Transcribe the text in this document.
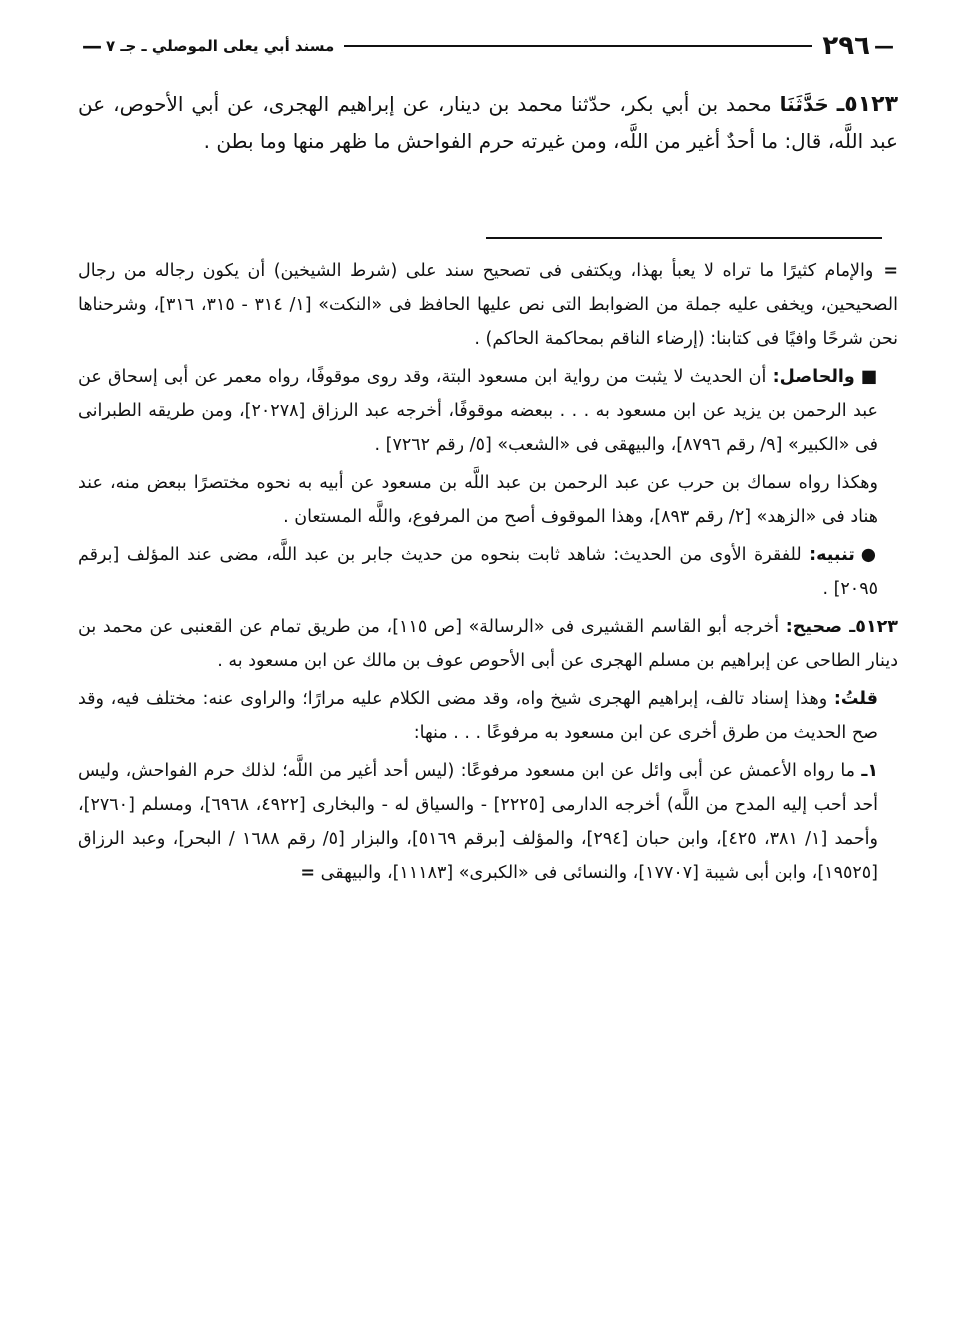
—
٢٩٦
مسند أبي يعلى الموصلي ـ جـ ٧
—
٥١٢٣ـ حَدَّثَنَا محمد بن أبي بكر، حدّثنا محمد بن دينار، عن إبراهيم الهجرى، عن أبي الأحوص، عن عبد اللَّه، قال: ما أحدٌ أغير من اللَّه، ومن غيرته حرم الفواحش ما ظهر منها وما بطن .

=والإمام كثيرًا ما تراه لا يعبأ بهذا، ويكتفى فى تصحيح سند على (شرط الشيخين) أن يكون رجاله من رجال الصحيحين، ويخفى عليه جملة من الضوابط التى نص عليها الحافظ فى «النكت» [١/ ٣١٤ - ٣١٥، ٣١٦]، وشرحناها نحن شرحًا وافيًا فى كتابنا: (إرضاء الناقم بمحاكمة الحاكم) .

■والحاصل: أن الحديث لا يثبت من رواية ابن مسعود البتة، وقد روى موقوفًا، رواه معمر عن أبى إسحاق عن عبد الرحمن بن يزيد عن ابن مسعود به . . . ببعضه موقوفًا، أخرجه عبد الرزاق [٢٠٢٧٨]، ومن طريقه الطبرانى فى «الكبير» [٩/ رقم ٨٧٩٦]، والبيهقى فى «الشعب» [٥/ رقم ٧٢٦٢] .

وهكذا رواه سماك بن حرب عن عبد الرحمن بن عبد اللَّه بن مسعود عن أبيه به نحوه مختصرًا ببعض منه، عند هناد فى «الزهد» [٢/ رقم ٨٩٣]، وهذا الموقوف أصح من المرفوع، واللَّه المستعان .

●تنبيه: للفقرة الأوى من الحديث: شاهد ثابت بنحوه من حديث جابر بن عبد اللَّه، مضى عند المؤلف [برقم ٢٠٩٥] .

٥١٢٣ـ صحيح: أخرجه أبو القاسم القشيرى فى «الرسالة» [ص ١١٥]، من طريق تمام عن القعنبى عن محمد بن دينار الطاحى عن إبراهيم بن مسلم الهجرى عن أبى الأحوص عوف بن مالك عن ابن مسعود به .

قلتُ: وهذا إسناد تالف، إبراهيم الهجرى شيخ واه، وقد مضى الكلام عليه مرارًا؛ والراوى عنه: مختلف فيه، وقد صح الحديث من طرق أخرى عن ابن مسعود به مرفوعًا . . . منها:

١ـ ما رواه الأعمش عن أبى وائل عن ابن مسعود مرفوعًا: (ليس أحد أغير من اللَّه؛ لذلك حرم الفواحش، وليس أحد أحب إليه المدح من اللَّه) أخرجه الدارمى [٢٢٢٥] - والسياق له - والبخارى [٤٩٢٢، ٦٩٦٨]، ومسلم [٢٧٦٠]، وأحمد [١/ ٣٨١، ٤٢٥]، وابن حبان [٢٩٤]، والمؤلف [برقم ٥١٦٩]، والبزار [٥/ رقم ١٦٨٨ / البحر]، وعبد الرزاق [١٩٥٢٥]، وابن أبى شيبة [١٧٧٠٧]، والنسائى فى «الكبرى» [١١١٨٣]، والبيهقى =
